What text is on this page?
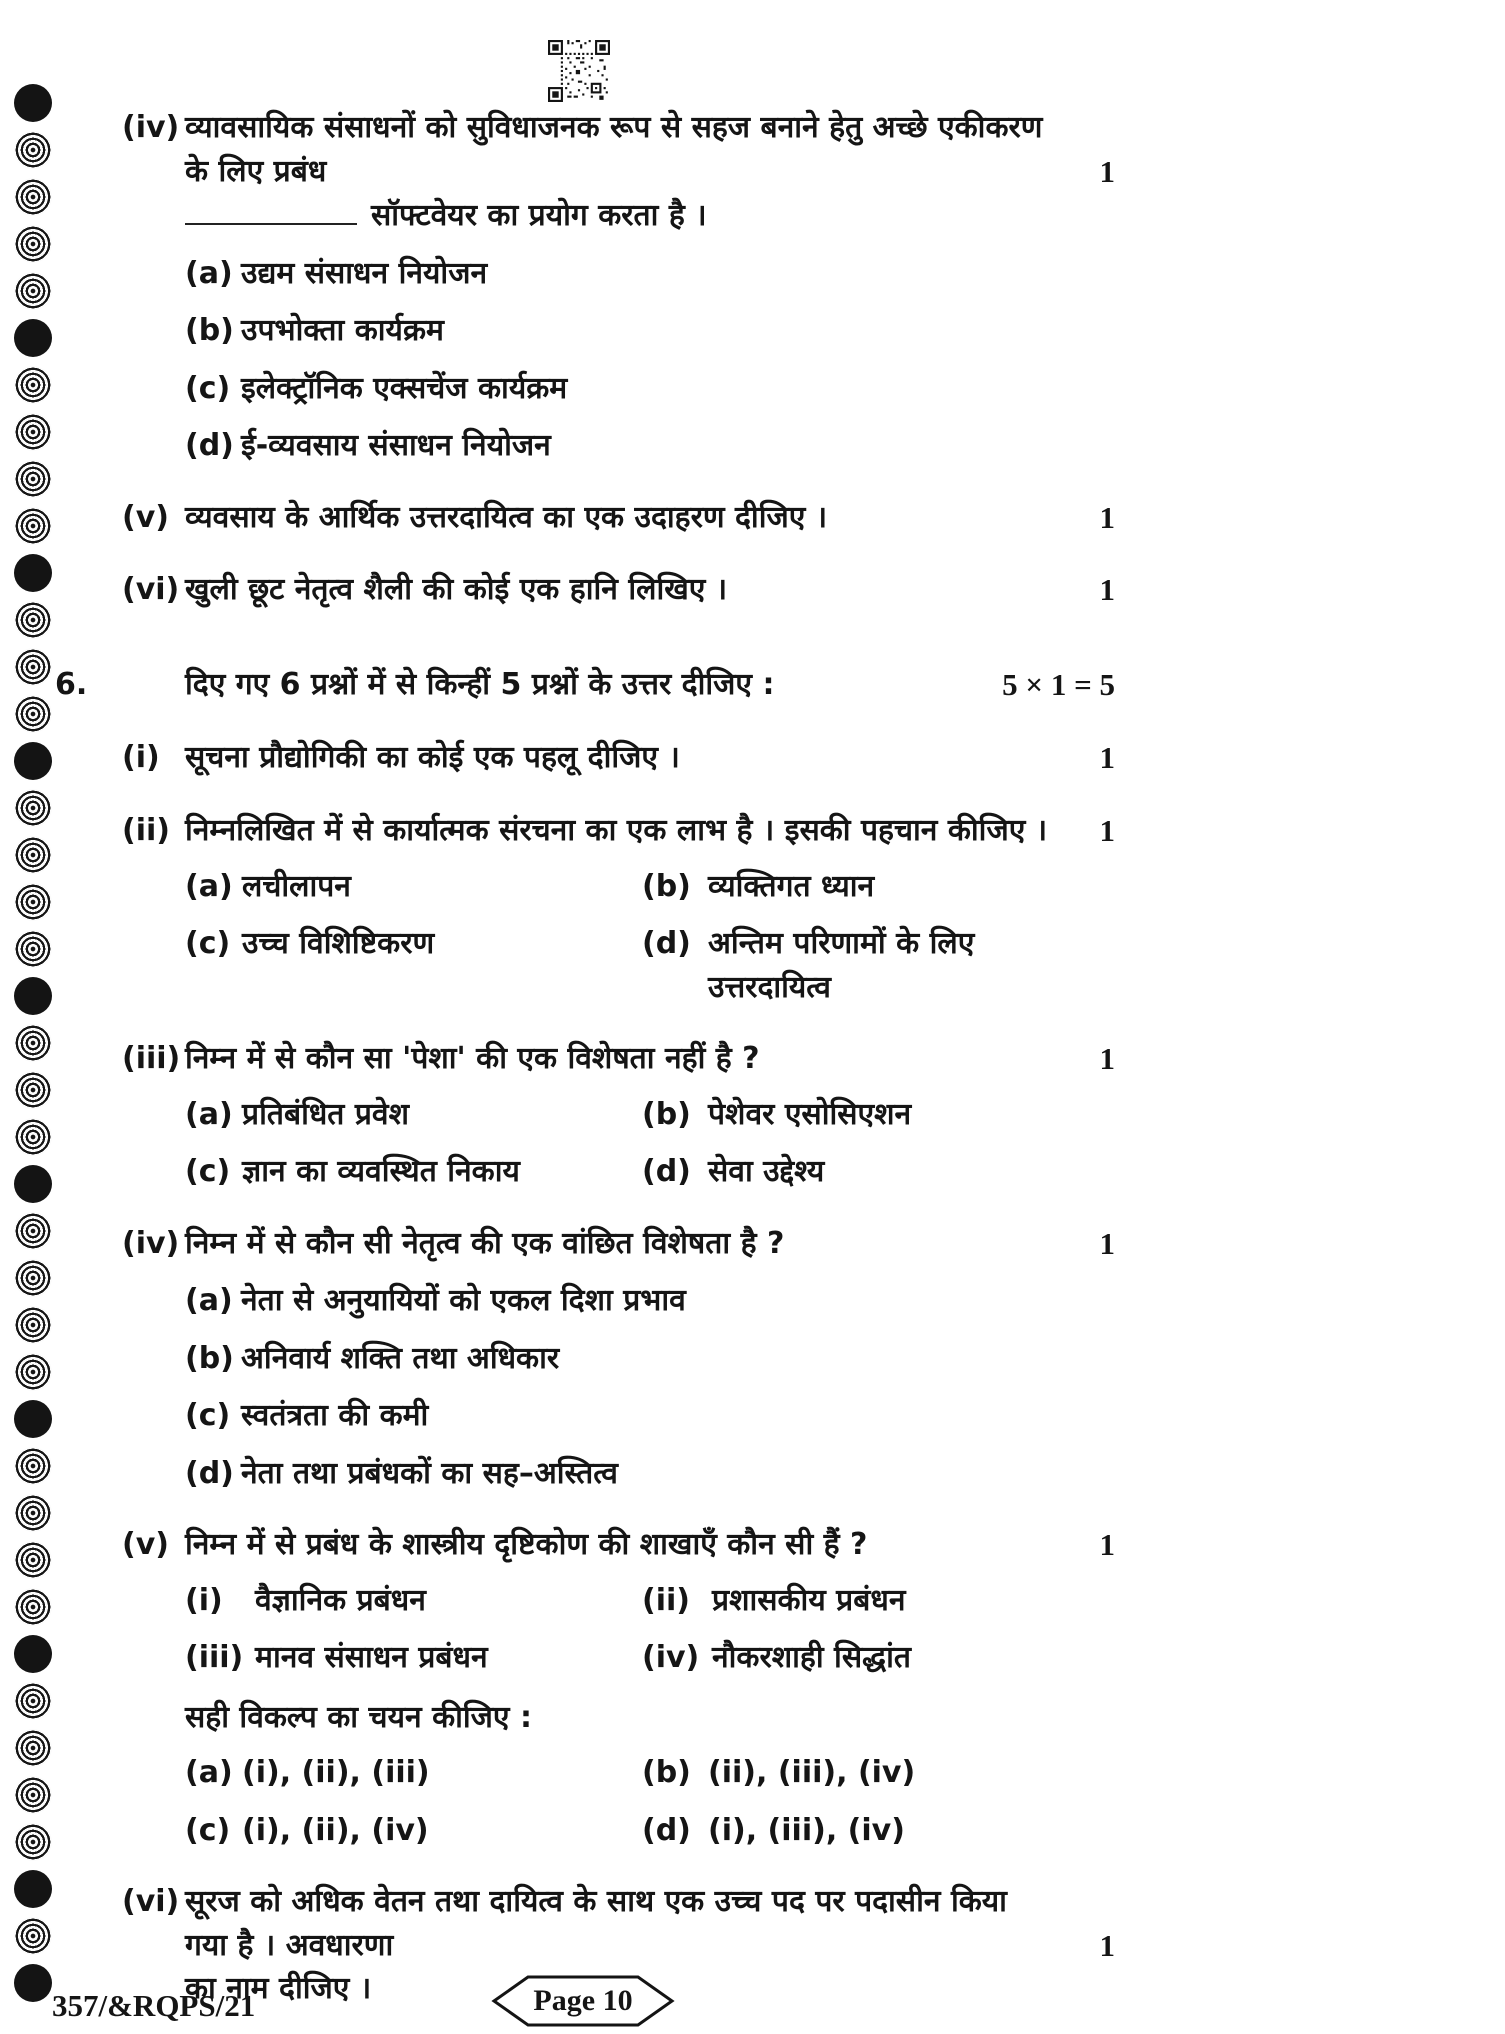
(iv) व्यावसायिक संसाधनों को सुविधाजनक रूप से सहज बनाने हेतु अच्छे एकीकरण के लिए प्रबंध
सॉफ्टवेयर का प्रयोग करता है ।
(a) उद्यम संसाधन नियोजन
(b) उपभोक्ता कार्यक्रम
(c) इलेक्ट्रॉनिक एक्सचेंज कार्यक्रम
(d) ई-व्यवसाय संसाधन नियोजन
1
(v) व्यवसाय के आर्थिक उत्तरदायित्व का एक उदाहरण दीजिए ।	1
(vi) खुली छूट नेतृत्व शैली की कोई एक हानि लिखिए ।	1
6.	दिए गए 6 प्रश्नों में से किन्हीं 5 प्रश्नों के उत्तर दीजिए :	5 × 1 = 5
(i) सूचना प्रौद्योगिकी का कोई एक पहलू दीजिए ।	1
(ii) निम्नलिखित में से कार्यात्मक संरचना का एक लाभ है । इसकी पहचान कीजिए ।
(a) लचीलापन	(b) व्यक्तिगत ध्यान
(c) उच्च विशिष्टिकरण	(d) अन्तिम परिणामों के लिए उत्तरदायित्व
1
(iii) निम्न में से कौन सा 'पेशा' की एक विशेषता नहीं है ?
(a) प्रतिबंधित प्रवेश	(b) पेशेवर एसोसिएशन
(c) ज्ञान का व्यवस्थित निकाय	(d) सेवा उद्देश्य
1
(iv) निम्न में से कौन सी नेतृत्व की एक वांछित विशेषता है ?
(a) नेता से अनुयायियों को एकल दिशा प्रभाव
(b) अनिवार्य शक्ति तथा अधिकार
(c) स्वतंत्रता की कमी
(d) नेता तथा प्रबंधकों का सह–अस्तित्व
1
(v) निम्न में से प्रबंध के शास्त्रीय दृष्टिकोण की शाखाएँ कौन सी हैं ?
(i)	वैज्ञानिक प्रबंधन	(ii) प्रशासकीय प्रबंधन
(iii) मानव संसाधन प्रबंधन	(iv) नौकरशाही सिद्धांत
सही विकल्प का चयन कीजिए :
(a) (i), (ii), (iii)	(b) (ii), (iii), (iv)
(c) (i), (ii), (iv)	(d) (i), (iii), (iv)
1
(vi) सूरज को अधिक वेतन तथा दायित्व के साथ एक उच्च पद पर पदासीन किया गया है । अवधारणा
का नाम दीजिए ।
1
357/&RQPS/21	Page 10
